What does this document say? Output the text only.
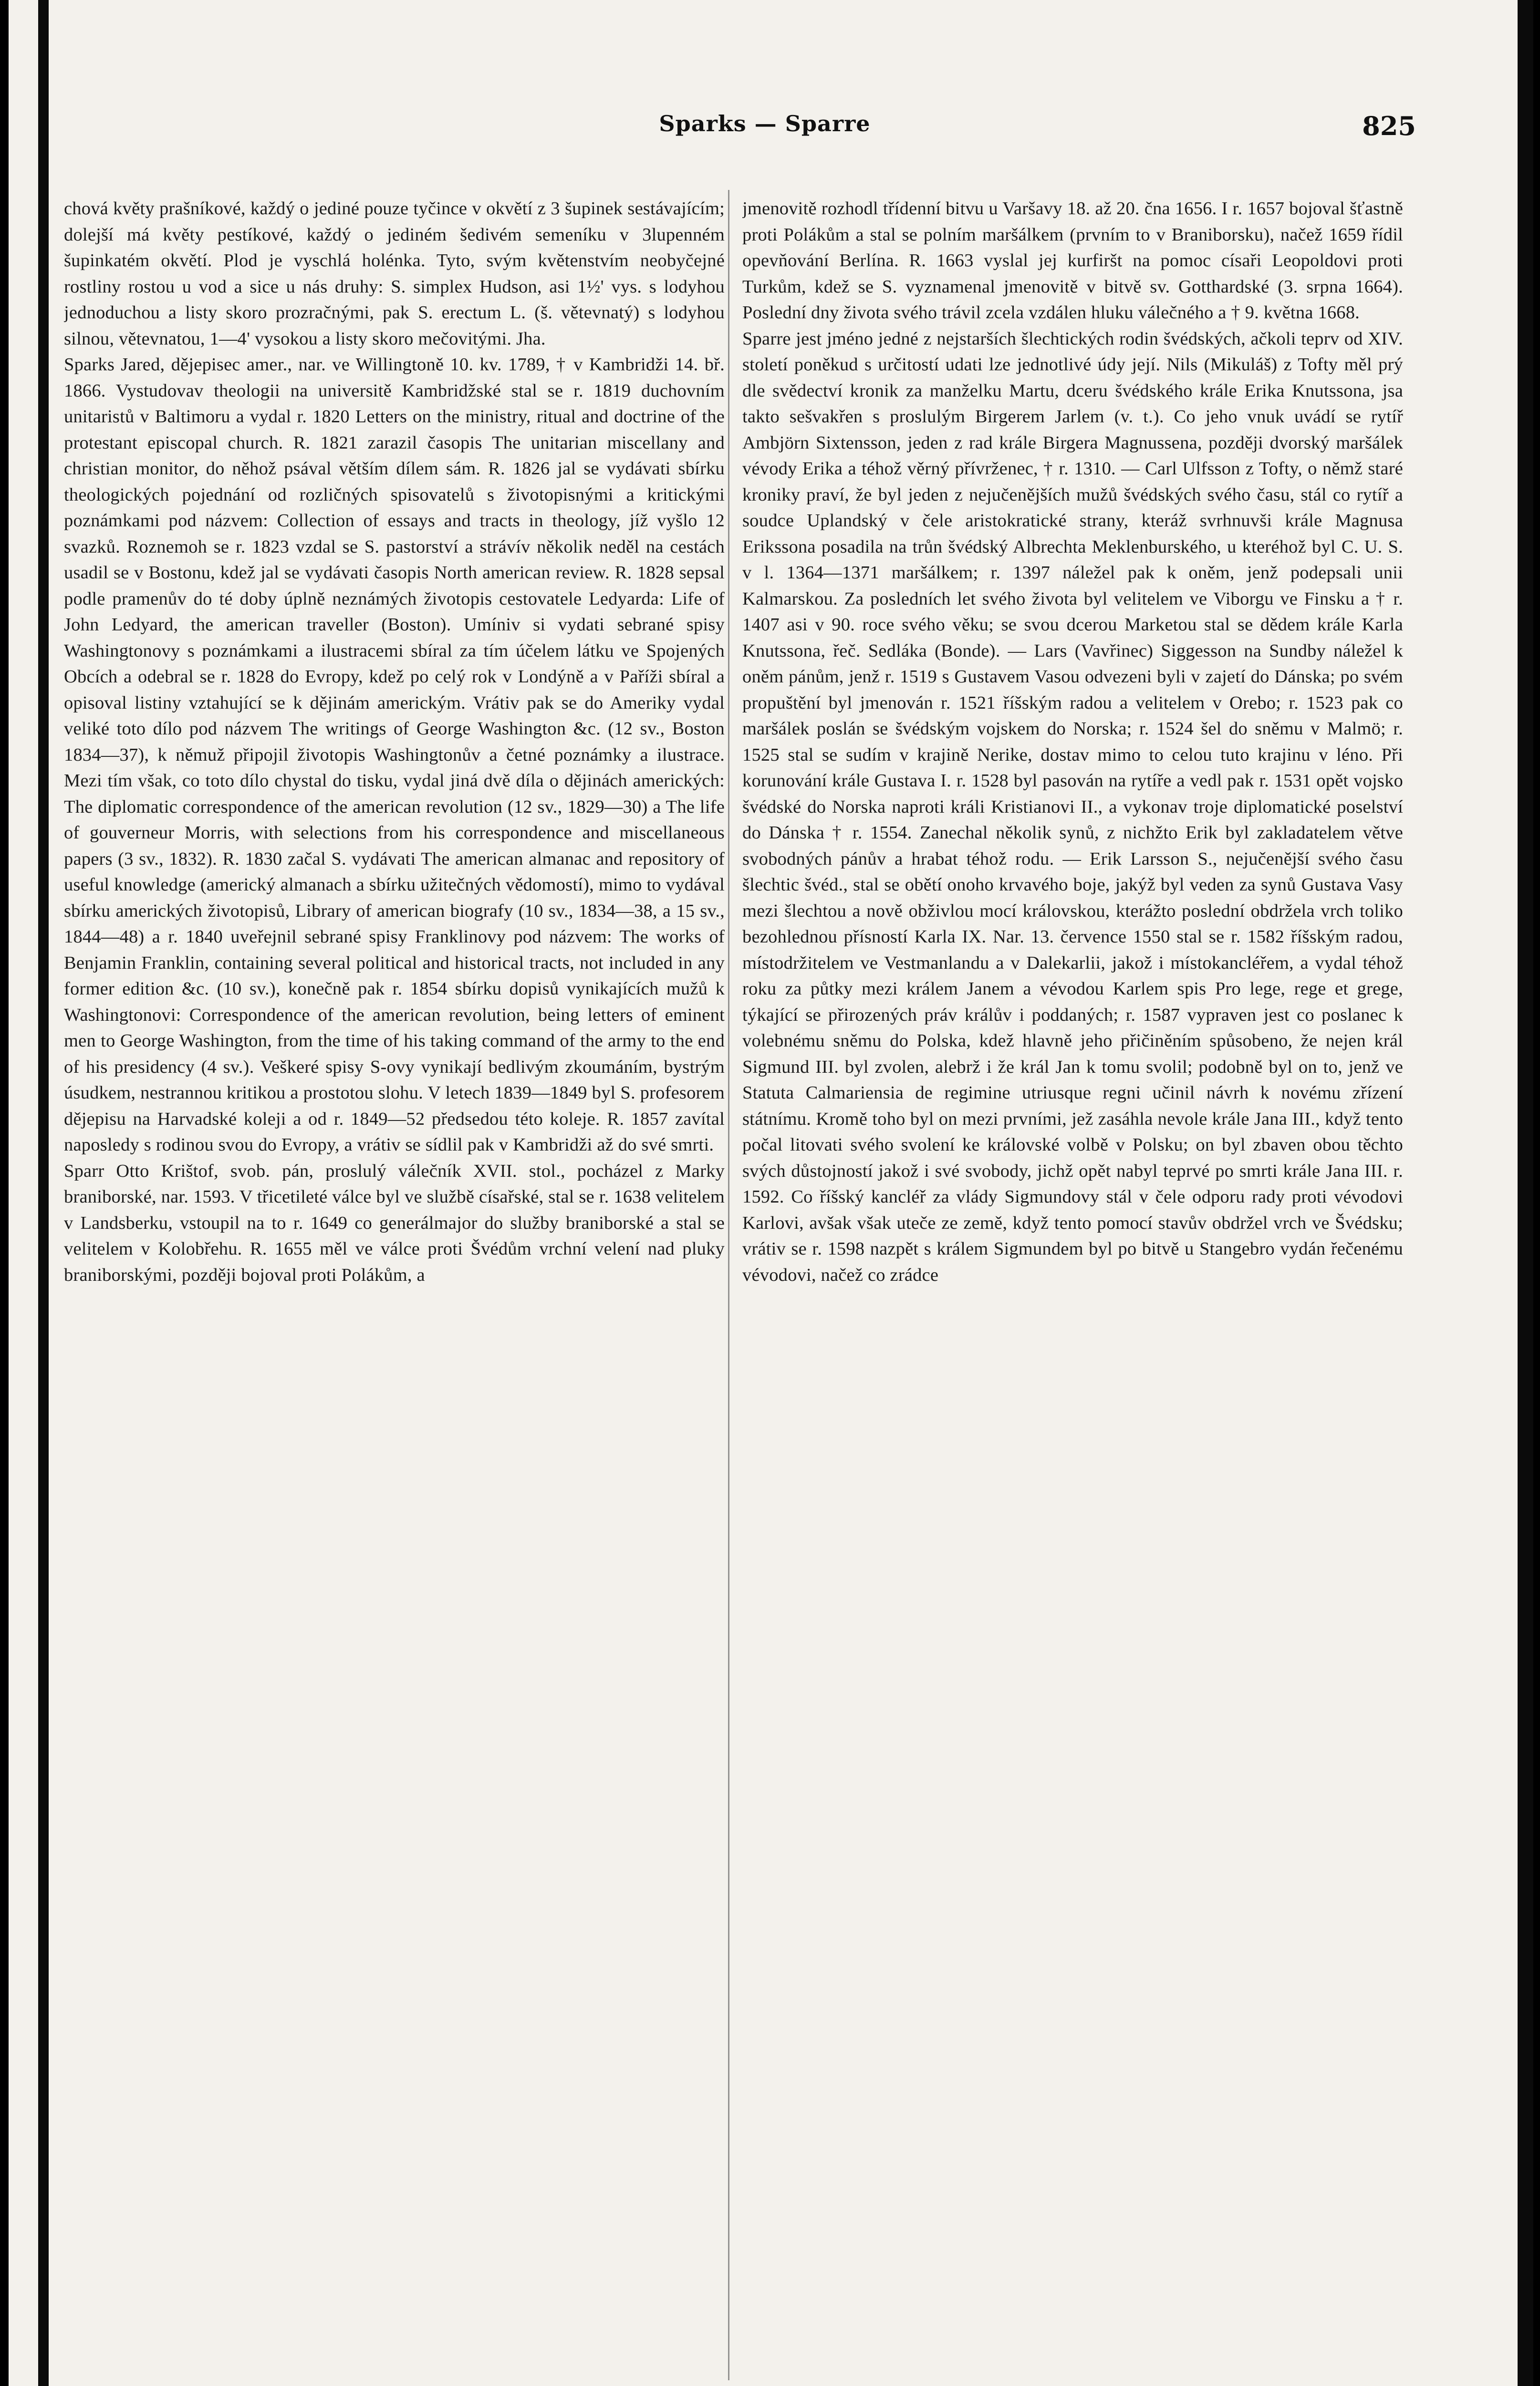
Sparks — Sparre	825

chová květy prašníkové, každý o jediné pouze tyčince v okvětí z 3 šupinek sestávajícím; dolejší má květy pestíkové, každý o jediném šedivém semeníku v 3lupenném šupinkatém okvětí. Plod je vyschlá holénka. Tyto, svým květenstvím neobyčejné rostliny rostou u vod a sice u nás druhy: S. simplex Hudson, asi 1½' vys. s lodyhou jednoduchou a listy skoro prozračnými, pak S. erectum L. (š. větevnatý) s lodyhou silnou, větevnatou, 1—4' vysokou a listy skoro mečovitými. Jha.

Sparks Jared, dějepisec amer., nar. ve Willingtoně 10. kv. 1789, † v Kambridži 14. bř. 1866. Vystudovav theologii na universitě Kambridžské stal se r. 1819 duchovním unitaristů v Baltimoru a vydal r. 1820 Letters on the ministry, ritual and doctrine of the protestant episcopal church. R. 1821 zarazil časopis The unitarian miscellany and christian monitor, do něhož psával větším dílem sám. R. 1826 jal se vydávati sbírku theologických pojednání od rozličných spisovatelů s životopisnými a kritickými poznámkami pod názvem: Collection of essays and tracts in theology, jíž vyšlo 12 svazků. Roznemoh se r. 1823 vzdal se S. pastorství a strávív několik neděl na cestách usadil se v Bostonu, kdež jal se vydávati časopis North american review. R. 1828 sepsal podle pramenův do té doby úplně neznámých životopis cestovatele Ledyarda: Life of John Ledyard, the american traveller (Boston). Umíniv si vydati sebrané spisy Washingtonovy s poznámkami a ilustracemi sbíral za tím účelem látku ve Spojených Obcích a odebral se r. 1828 do Evropy, kdež po celý rok v Londýně a v Paříži sbíral a opisoval listiny vztahující se k dějinám americkým. Vrátiv pak se do Ameriky vydal veliké toto dílo pod názvem The writings of George Washington &c. (12 sv., Boston 1834—37), k němuž připojil životopis Washingtonův a četné poznámky a ilustrace. Mezi tím však, co toto dílo chystal do tisku, vydal jiná dvě díla o dějinách amerických: The diplomatic correspondence of the american revolution (12 sv., 1829—30) a The life of gouverneur Morris, with selections from his correspondence and miscellaneous papers (3 sv., 1832). R. 1830 začal S. vydávati The american almanac and repository of useful knowledge (americký almanach a sbírku užitečných vědomostí), mimo to vydával sbírku amerických životopisů, Library of american biografy (10 sv., 1834—38, a 15 sv., 1844—48) a r. 1840 uveřejnil sebrané spisy Franklinovy pod názvem: The works of Benjamin Franklin, containing several political and historical tracts, not included in any former edition &c. (10 sv.), konečně pak r. 1854 sbírku dopisů vynikajících mužů k Washingtonovi: Correspondence of the american revolution, being letters of eminent men to George Washington, from the time of his taking command of the army to the end of his presidency (4 sv.). Veškeré spisy S-ovy vynikají bedlivým zkoumáním, bystrým úsudkem, nestrannou kritikou a prostotou slohu. V letech 1839—1849 byl S. profesorem dějepisu na Harvadské koleji a od r. 1849—52 předsedou této koleje. R. 1857 zavítal naposledy s rodinou svou do Evropy, a vrátiv se sídlil pak v Kambridži až do své smrti.

Sparr Otto Krištof, svob. pán, proslulý válečník XVII. stol., pocházel z Marky braniborské, nar. 1593. V třicetileté válce byl ve službě císařské, stal se r. 1638 velitelem v Landsberku, vstoupil na to r. 1649 co generálmajor do služby braniborské a stal se velitelem v Kolobřehu. R. 1655 měl ve válce proti Švédům vrchní velení nad pluky braniborskými, později bojoval proti Polákům, a

jmenovitě rozhodl třídenní bitvu u Varšavy 18. až 20. čna 1656. I r. 1657 bojoval šťastně proti Polákům a stal se polním maršálkem (prvním to v Braniborsku), načež 1659 řídil opevňování Berlína. R. 1663 vyslal jej kurfiršt na pomoc císaři Leopoldovi proti Turkům, kdež se S. vyznamenal jmenovitě v bitvě sv. Gotthardské (3. srpna 1664). Poslední dny života svého trávil zcela vzdálen hluku válečného a † 9. května 1668.

Sparre jest jméno jedné z nejstarších šlechtických rodin švédských, ačkoli teprv od XIV. století poněkud s určitostí udati lze jednotlivé údy její. Nils (Mikuláš) z Tofty měl prý dle svědectví kronik za manželku Martu, dceru švédského krále Erika Knutssona, jsa takto sešvakřen s proslulým Birgerem Jarlem (v. t.). Co jeho vnuk uvádí se rytíř Ambjörn Sixtensson, jeden z rad krále Birgera Magnussena, později dvorský maršálek vévody Erika a téhož věrný přívrženec, † r. 1310. — Carl Ulfsson z Tofty, o němž staré kroniky praví, že byl jeden z nejučenějších mužů švédských svého času, stál co rytíř a soudce Uplandský v čele aristokratické strany, kteráž svrhnuvši krále Magnusa Erikssona posadila na trůn švédský Albrechta Meklenburského, u kteréhož byl C. U. S. v l. 1364—1371 maršálkem; r. 1397 náležel pak k oněm, jenž podepsali unii Kalmarskou. Za posledních let svého života byl velitelem ve Viborgu ve Finsku a † r. 1407 asi v 90. roce svého věku; se svou dcerou Marketou stal se dědem krále Karla Knutssona, řeč. Sedláka (Bonde). — Lars (Vavřinec) Siggesson na Sundby náležel k oněm pánům, jenž r. 1519 s Gustavem Vasou odvezeni byli v zajetí do Dánska; po svém propuštění byl jmenován r. 1521 říšským radou a velitelem v Orebo; r. 1523 pak co maršálek poslán se švédským vojskem do Norska; r. 1524 šel do sněmu v Malmö; r. 1525 stal se sudím v krajině Nerike, dostav mimo to celou tuto krajinu v léno. Při korunování krále Gustava I. r. 1528 byl pasován na rytíře a vedl pak r. 1531 opět vojsko švédské do Norska naproti králi Kristianovi II., a vykonav troje diplomatické poselství do Dánska † r. 1554. Zanechal několik synů, z nichžto Erik byl zakladatelem větve svobodných pánův a hrabat téhož rodu. — Erik Larsson S., nejučenější svého času šlechtic švéd., stal se obětí onoho krvavého boje, jakýž byl veden za synů Gustava Vasy mezi šlechtou a nově obživlou mocí královskou, kterážto poslední obdržela vrch toliko bezohlednou přísností Karla IX. Nar. 13. července 1550 stal se r. 1582 říšským radou, místodržitelem ve Vestmanlandu a v Dalekarlii, jakož i místokancléřem, a vydal téhož roku za půtky mezi králem Janem a vévodou Karlem spis Pro lege, rege et grege, týkající se přirozených práv králův i poddaných; r. 1587 vypraven jest co poslanec k volebnému sněmu do Polska, kdež hlavně jeho přičiněním spůsobeno, že nejen král Sigmund III. byl zvolen, alebrž i že král Jan k tomu svolil; podobně byl on to, jenž ve Statuta Calmariensia de regimine utriusque regni učinil návrh k novému zřízení státnímu. Kromě toho byl on mezi prvními, jež zasáhla nevole krále Jana III., když tento počal litovati svého svolení ke královské volbě v Polsku; on byl zbaven obou těchto svých důstojností jakož i své svobody, jichž opět nabyl teprvé po smrti krále Jana III. r. 1592. Co říšský kancléř za vlády Sigmundovy stál v čele odporu rady proti vévodovi Karlovi, avšak však uteče ze země, když tento pomocí stavův obdržel vrch ve Švédsku; vrátiv se r. 1598 nazpět s králem Sigmundem byl po bitvě u Stangebro vydán řečenému vévodovi, načež co zrádce
